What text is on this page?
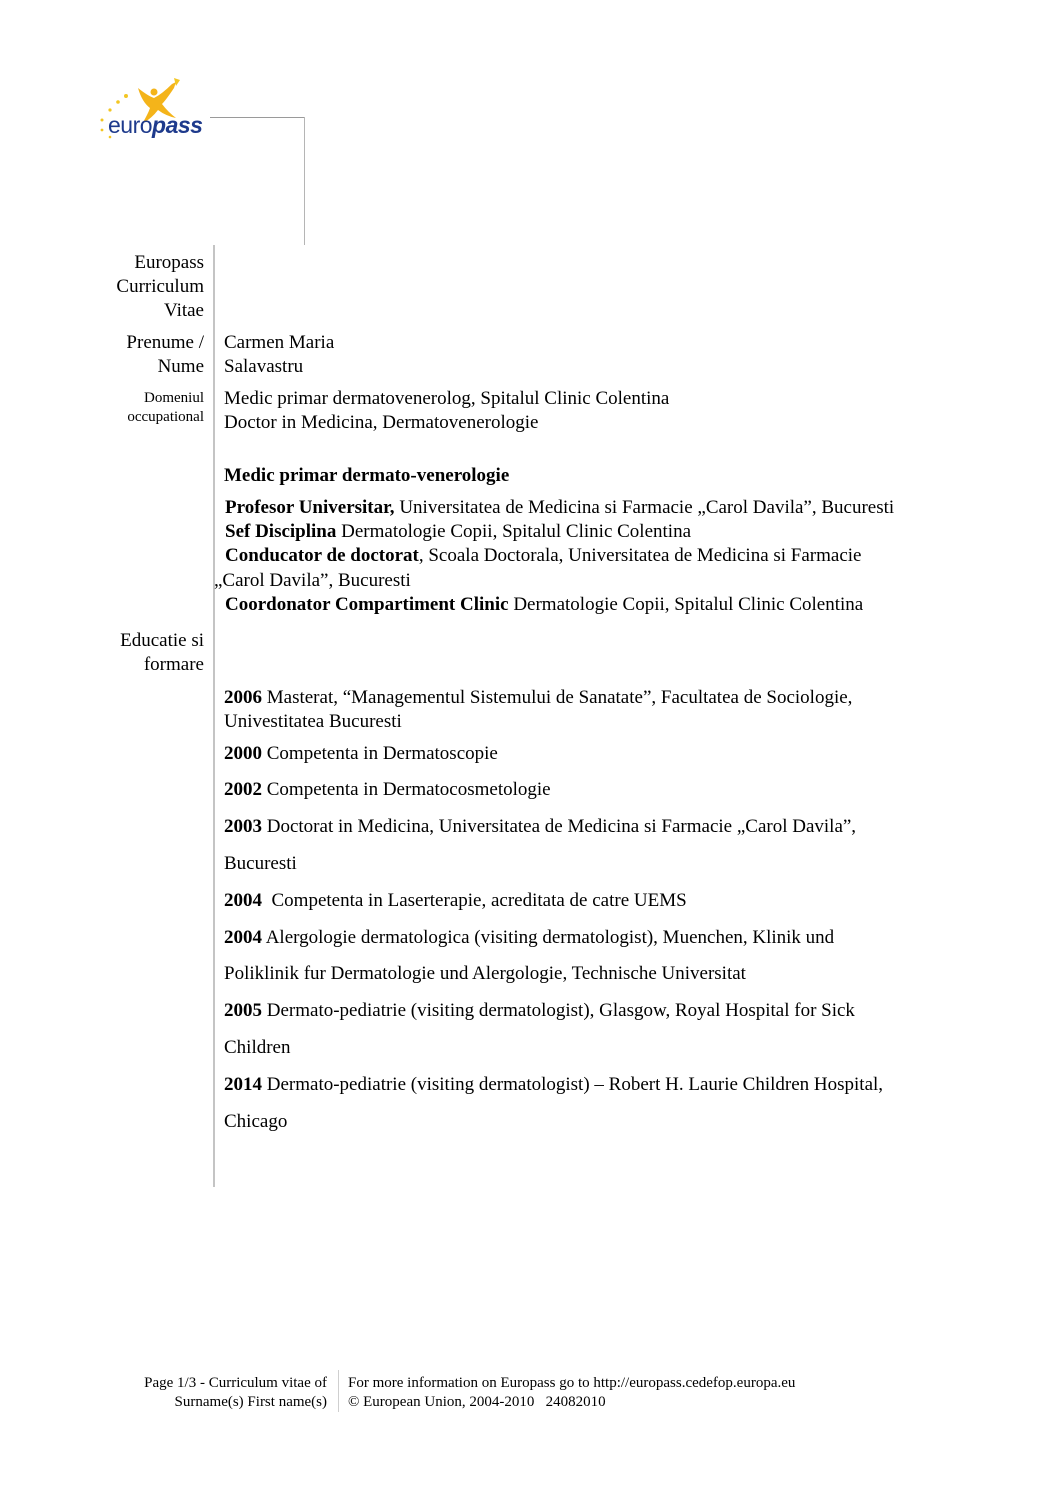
europass
Europass
Curriculum
Vitae
Prenume /
Nume
Carmen Maria
Salavastru
Domeniul
occupational
Medic primar dermatovenerolog, Spitalul Clinic Colentina
Doctor in Medicina, Dermatovenerologie
Medic primar dermato-venerologie
Profesor Universitar, Universitatea de Medicina si Farmacie „Carol Davila”, Bucuresti
Sef Disciplina Dermatologie Copii, Spitalul Clinic Colentina
Conducator de doctorat, Scoala Doctorala, Universitatea de Medicina si Farmacie
„Carol Davila”, Bucuresti
Coordonator Compartiment Clinic Dermatologie Copii, Spitalul Clinic Colentina
Educatie si
formare
2006 Masterat, “Managementul Sistemului de Sanatate”, Facultatea de Sociologie,
Univestitatea Bucuresti
2000 Competenta in Dermatoscopie
2002 Competenta in Dermatocosmetologie
2003 Doctorat in Medicina, Universitatea de Medicina si Farmacie „Carol Davila”,
Bucuresti
2004  Competenta in Laserterapie, acreditata de catre UEMS
2004 Alergologie dermatologica (visiting dermatologist), Muenchen, Klinik und
Poliklinik fur Dermatologie und Alergologie, Technische Universitat
2005 Dermato-pediatrie (visiting dermatologist), Glasgow, Royal Hospital for Sick
Children
2014 Dermato-pediatrie (visiting dermatologist) – Robert H. Laurie Children Hospital,
Chicago
Page 1/3 - Curriculum vitae of
Surname(s) First name(s)
For more information on Europass go to http://europass.cedefop.europa.eu
© European Union, 2004-2010   24082010
